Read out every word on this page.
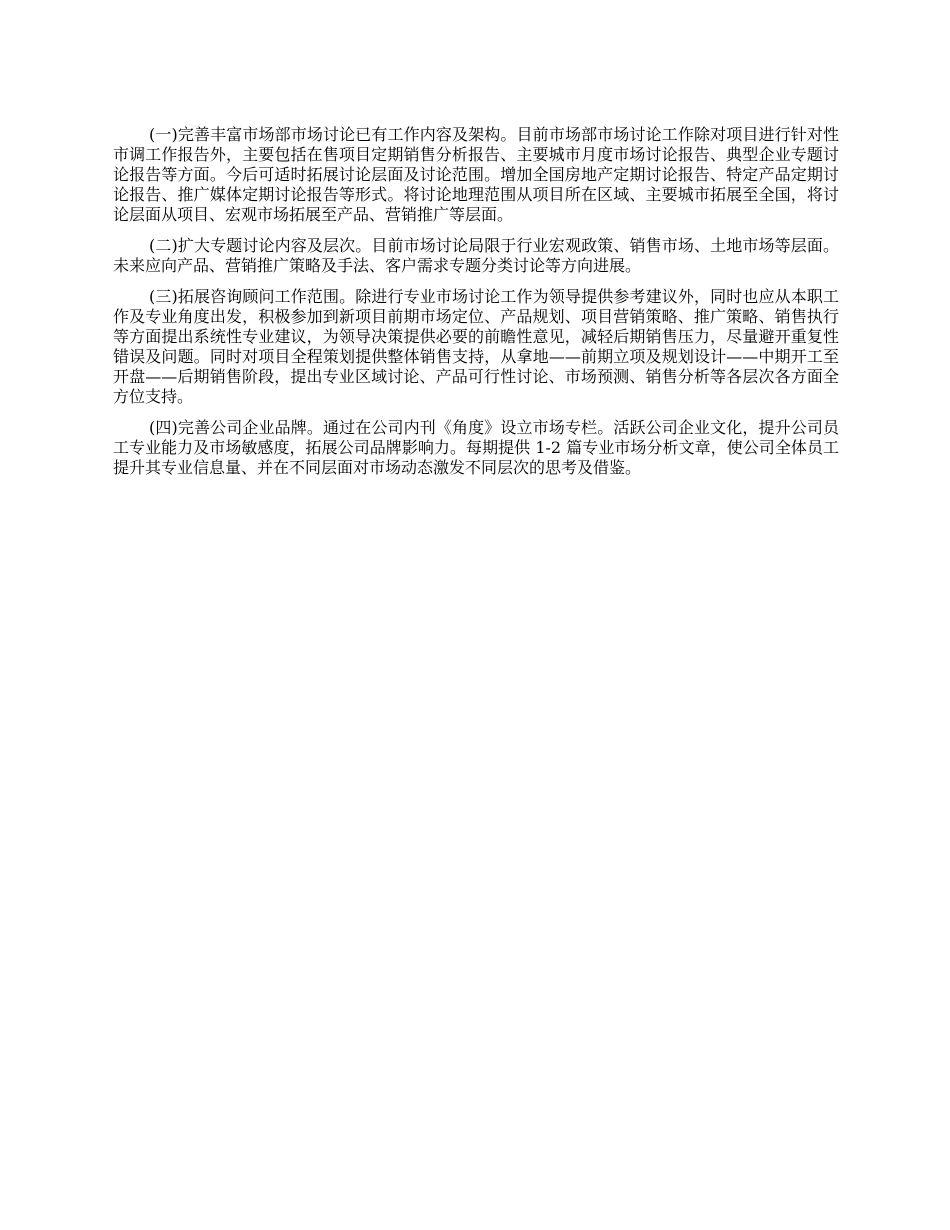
(一)完善丰富市场部市场讨论已有工作内容及架构。目前市场部市场讨论工作除对项目进行针对性市调工作报告外，主要包括在售项目定期销售分析报告、主要城市月度市场讨论报告、典型企业专题讨论报告等方面。今后可适时拓展讨论层面及讨论范围。增加全国房地产定期讨论报告、特定产品定期讨论报告、推广媒体定期讨论报告等形式。将讨论地理范围从项目所在区域、主要城市拓展至全国，将讨论层面从项目、宏观市场拓展至产品、营销推广等层面。

(二)扩大专题讨论内容及层次。目前市场讨论局限于行业宏观政策、销售市场、土地市场等层面。未来应向产品、营销推广策略及手法、客户需求专题分类讨论等方向进展。

(三)拓展咨询顾问工作范围。除进行专业市场讨论工作为领导提供参考建议外，同时也应从本职工作及专业角度出发，积极参加到新项目前期市场定位、产品规划、项目营销策略、推广策略、销售执行等方面提出系统性专业建议，为领导决策提供必要的前瞻性意见，减轻后期销售压力，尽量避开重复性错误及问题。同时对项目全程策划提供整体销售支持，从拿地——前期立项及规划设计——中期开工至开盘——后期销售阶段，提出专业区域讨论、产品可行性讨论、市场预测、销售分析等各层次各方面全方位支持。

(四)完善公司企业品牌。通过在公司内刊《角度》设立市场专栏。活跃公司企业文化，提升公司员工专业能力及市场敏感度，拓展公司品牌影响力。每期提供 1-2 篇专业市场分析文章，使公司全体员工提升其专业信息量、并在不同层面对市场动态激发不同层次的思考及借鉴。
